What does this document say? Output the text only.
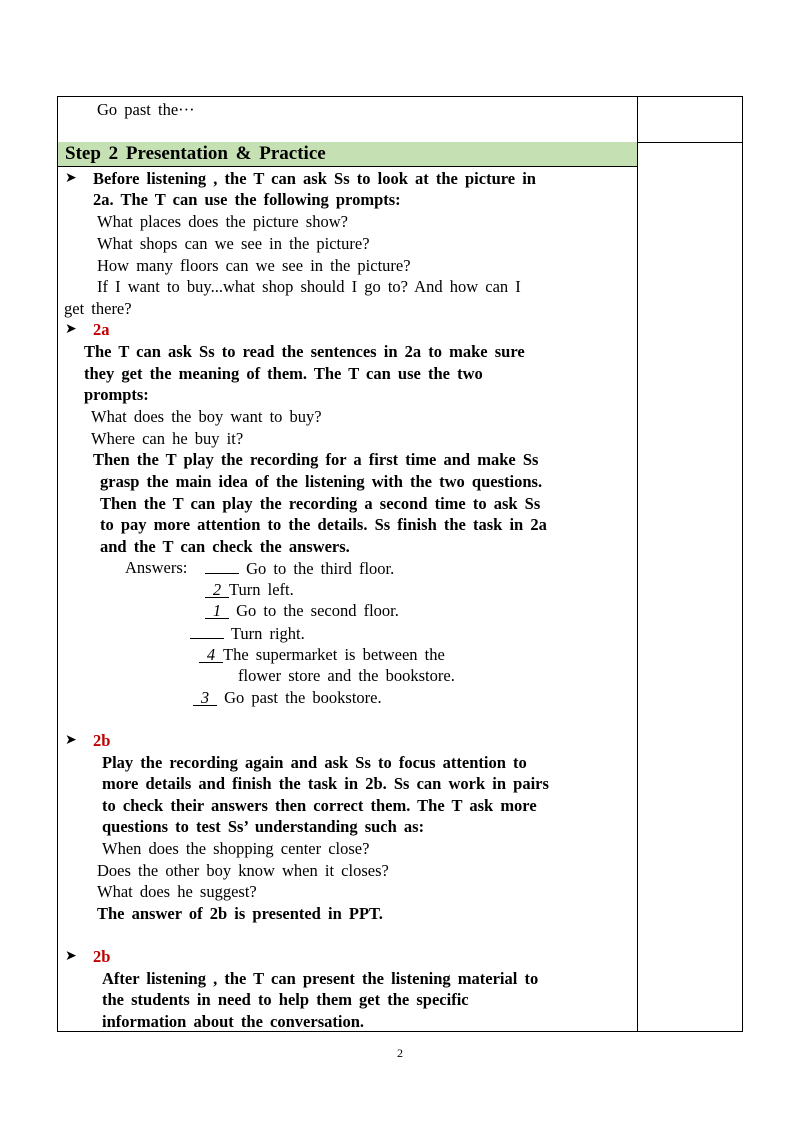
Step 2 Presentation & Practice
Go past the···
➤ Before listening , the T can ask Ss to look at the picture in
2a. The T can use the following prompts:
What places does the picture show?
What shops can we see in the picture?
How many floors can we see in the picture?
If I want to buy...what shop should I go to? And how can I
get there?
➤ 2a
The T can ask Ss to read the sentences in 2a to make sure
they get the meaning of them. The T can use the two
prompts:
What does the boy want to buy?
Where can he buy it?
Then the T play the recording for a first time and make Ss
grasp the main idea of the listening with the two questions.
Then the T can play the recording a second time to ask Ss
to pay more attention to the details. Ss finish the task in 2a
and the T can check the answers.
Answers:	Go to the third floor.
2 Turn left.
1 Go to the second floor.
Turn right.
4 The supermarket is between the
flower store and the bookstore.
3 Go past the bookstore.
➤ 2b
Play the recording again and ask Ss to focus attention to
more details and finish the task in 2b. Ss can work in pairs
to check their answers then correct them. The T ask more
questions to test Ss’ understanding such as:
When does the shopping center close?
Does the other boy know when it closes?
What does he suggest?
The answer of 2b is presented in PPT.
➤ 2b
After listening , the T can present the listening material to
the students in need to help them get the specific
information about the conversation.
2
